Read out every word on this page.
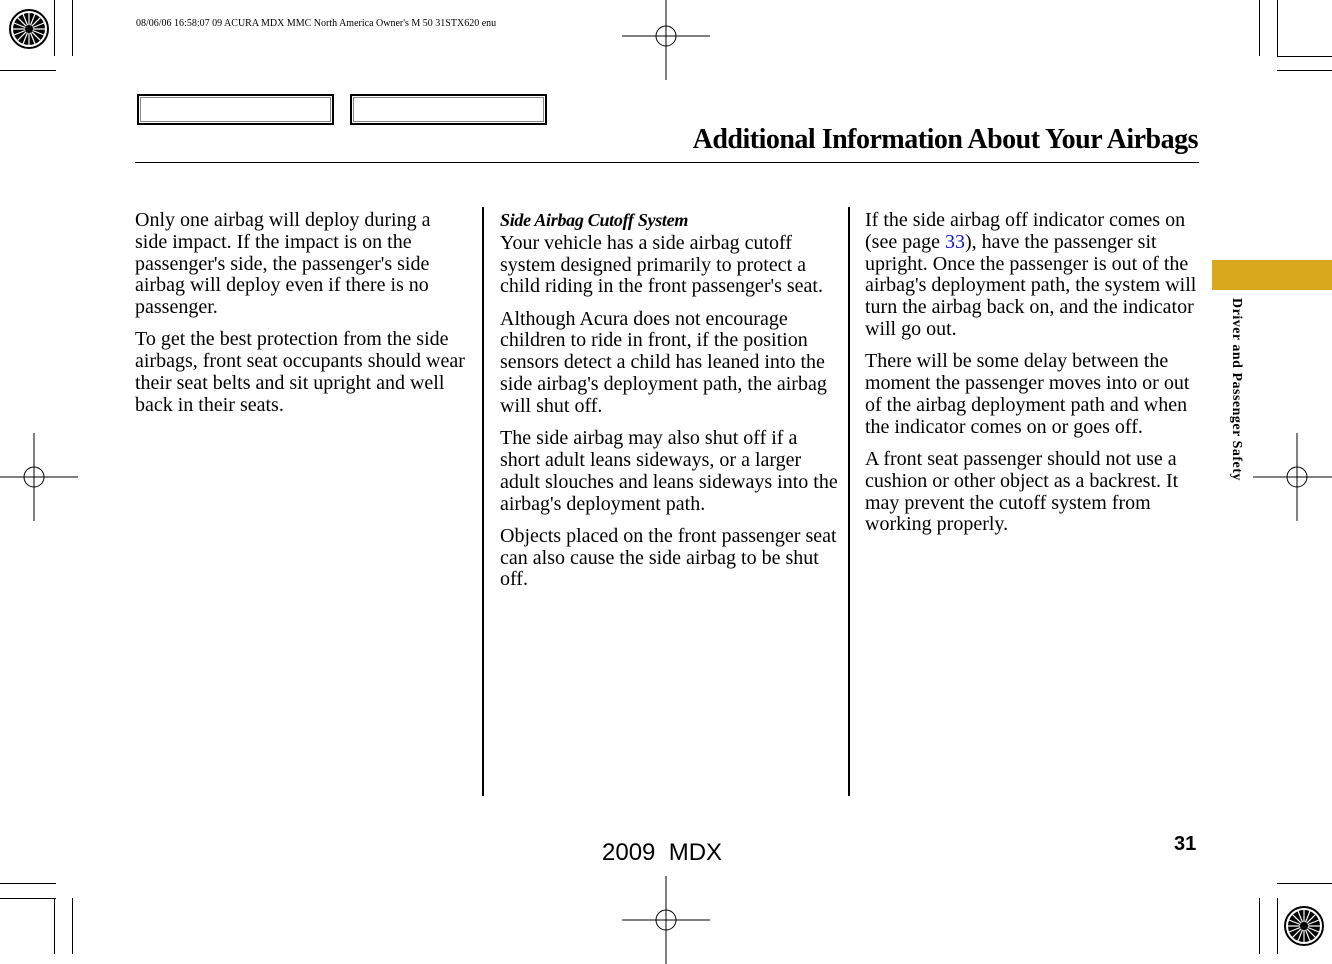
08/06/06 16:58:07 09 ACURA MDX MMC North America Owner's M 50 31STX620 enu
Additional Information About Your Airbags

Only one airbag will deploy during a side impact. If the impact is on the passenger's side, the passenger's side airbag will deploy even if there is no passenger.

To get the best protection from the side airbags, front seat occupants should wear their seat belts and sit upright and well back in their seats.

Side Airbag Cutoff System

Your vehicle has a side airbag cutoff system designed primarily to protect a child riding in the front passenger's seat.

Although Acura does not encourage children to ride in front, if the position sensors detect a child has leaned into the side airbag's deployment path, the airbag will shut off.

The side airbag may also shut off if a short adult leans sideways, or a larger adult slouches and leans sideways into the airbag's deployment path.

Objects placed on the front passenger seat can also cause the side airbag to be shut off.

If the side airbag off indicator comes on (see page 33), have the passenger sit upright. Once the passenger is out of the airbag's deployment path, the system will turn the airbag back on, and the indicator will go out.

There will be some delay between the moment the passenger moves into or out of the airbag deployment path and when the indicator comes on or goes off.

A front seat passenger should not use a cushion or other object as a backrest. It may prevent the cutoff system from working properly.

Driver and Passenger Safety
31
2009  MDX
